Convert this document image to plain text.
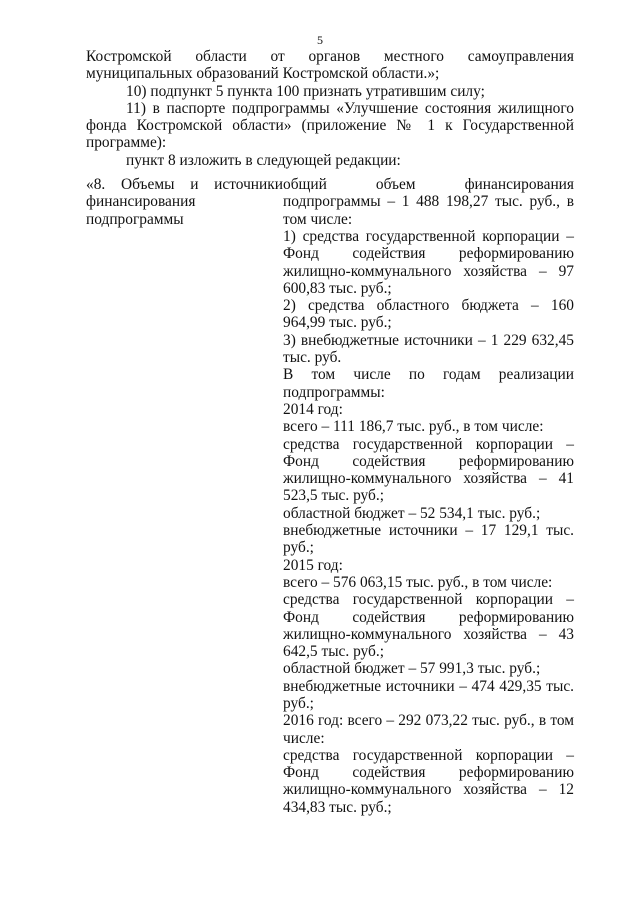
5

Костромской области от органов местного самоуправления муниципальных образований Костромской области.»;

10) подпункт 5 пункта 100 признать утратившим силу;

11) в паспорте подпрограммы «Улучшение состояния жилищного фонда Костромской области» (приложение № 1 к Государственной программе):

пункт 8 изложить в следующей редакции:

«8. Объемы и источники финансирования подпрограммы

общий объем финансирования подпрограммы – 1 488 198,27 тыс. руб., в том числе:

1) средства государственной корпорации – Фонд содействия реформированию жилищно-коммунального хозяйства – 97 600,83 тыс. руб.;

2) средства областного бюджета – 160 964,99 тыс. руб.;

3) внебюджетные источники – 1 229 632,45 тыс. руб.

В том числе по годам реализации подпрограммы:

2014 год:

всего – 111 186,7 тыс. руб., в том числе:

средства государственной корпорации – Фонд содействия реформированию жилищно-коммунального хозяйства – 41 523,5 тыс. руб.;

областной бюджет – 52 534,1 тыс. руб.;

внебюджетные источники – 17 129,1 тыс. руб.;

2015 год:

всего – 576 063,15 тыс. руб., в том числе:

средства государственной корпорации – Фонд содействия реформированию жилищно-коммунального хозяйства – 43 642,5 тыс. руб.;

областной бюджет – 57 991,3 тыс. руб.;

внебюджетные источники – 474 429,35 тыс. руб.;

2016 год: всего – 292 073,22 тыс. руб., в том числе:

средства государственной корпорации – Фонд содействия реформированию жилищно-коммунального хозяйства – 12 434,83 тыс. руб.;
